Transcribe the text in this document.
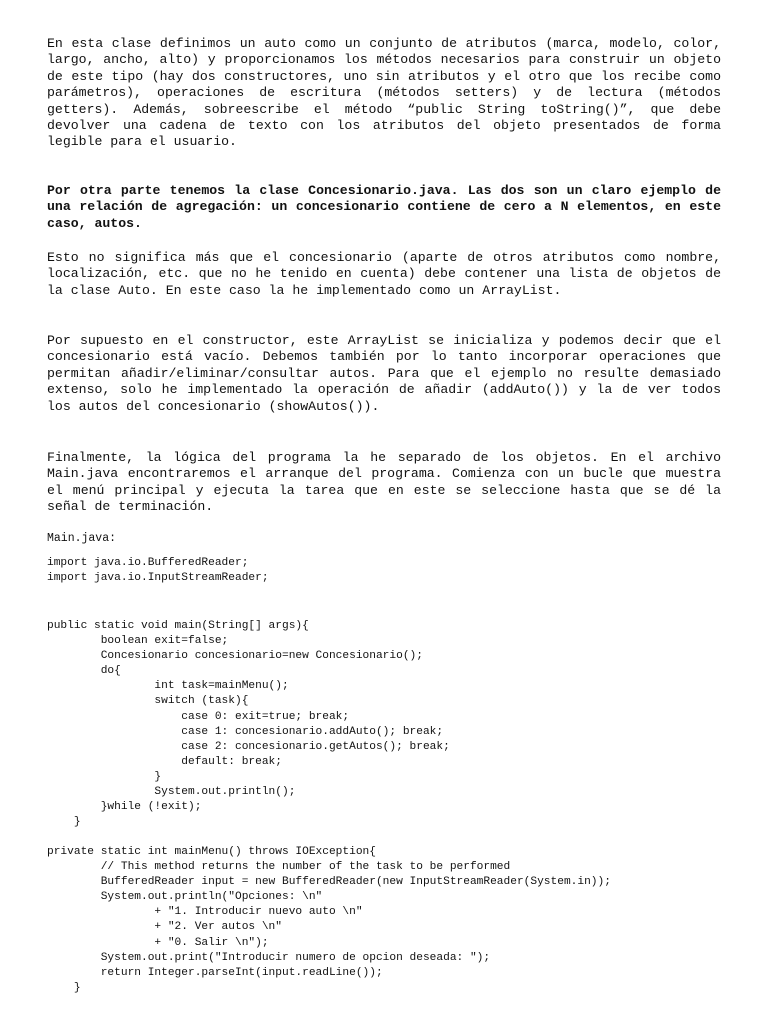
En esta clase definimos un auto como un conjunto de atributos (marca, modelo, color, largo, ancho, alto) y proporcionamos los métodos necesarios para construir un objeto de este tipo (hay dos constructores, uno sin atributos y el otro que los recibe como parámetros), operaciones de escritura (métodos setters) y de lectura (métodos getters). Además, sobreescribe el método “public String toString()”, que debe devolver una cadena de texto con los atributos del objeto presentados de forma legible para el usuario.

Por otra parte tenemos la clase Concesionario.java. Las dos son un claro ejemplo de una relación de agregación: un concesionario contiene de cero a N elementos, en este caso, autos.

Esto no significa más que el concesionario (aparte de otros atributos como nombre, localización, etc. que no he tenido en cuenta) debe contener una lista de objetos de la clase Auto. En este caso la he implementado como un ArrayList.

Por supuesto en el constructor, este ArrayList se inicializa y podemos decir que el concesionario está vacío. Debemos también por lo tanto incorporar operaciones que permitan añadir/eliminar/consultar autos. Para que el ejemplo no resulte demasiado extenso, solo he implementado la operación de añadir (addAuto()) y la de ver todos los autos del concesionario (showAutos()).

Finalmente, la lógica del programa la he separado de los objetos. En el archivo Main.java encontraremos el arranque del programa. Comienza con un bucle que muestra el menú principal y ejecuta la tarea que en este se seleccione hasta que se dé la señal de terminación.

Main.java:

import java.io.BufferedReader;
import java.io.InputStreamReader;
public static void main(String[] args){
boolean exit=false;
Concesionario concesionario=new Concesionario();
do{
int task=mainMenu();
switch (task){
case 0: exit=true; break;
case 1: concesionario.addAuto(); break;
case 2: concesionario.getAutos(); break;
default: break;
}
System.out.println();
}while (!exit);
}
private static int mainMenu() throws IOException{
// This method returns the number of the task to be performed
BufferedReader input = new BufferedReader(new InputStreamReader(System.in));
System.out.println("Opciones: \n"
+ "1. Introducir nuevo auto \n"
+ "2. Ver autos \n"
+ "0. Salir \n");
System.out.print("Introducir numero de opcion deseada: ");
return Integer.parseInt(input.readLine());
}
